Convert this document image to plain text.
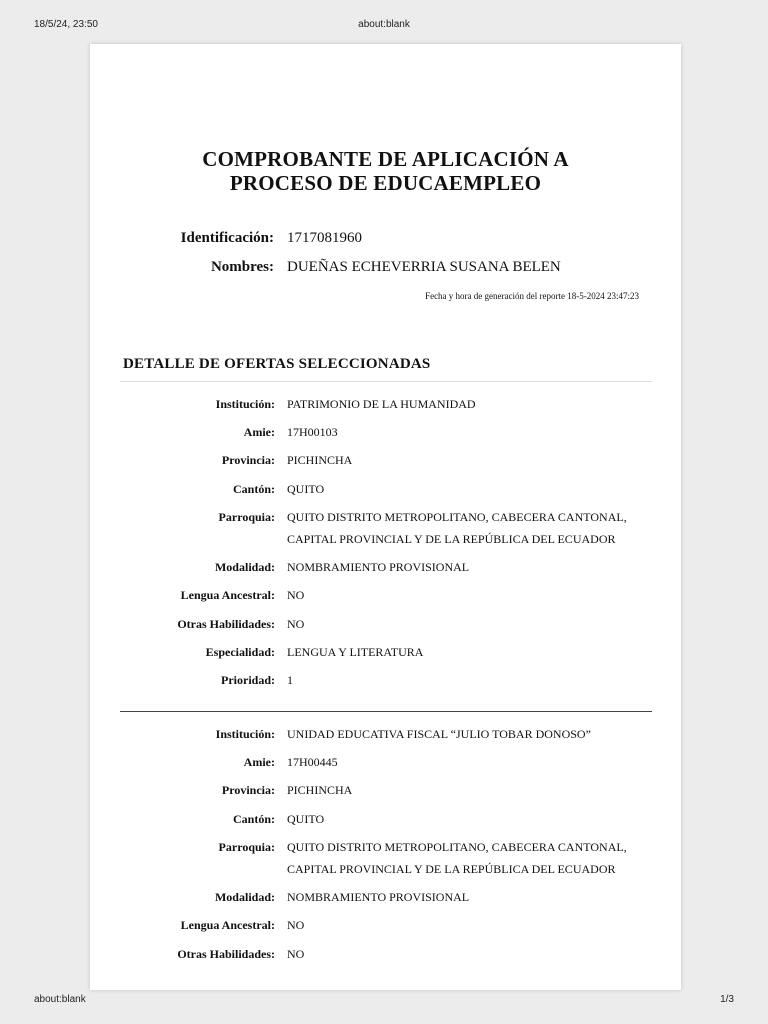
18/5/24, 23:50	about:blank
COMPROBANTE DE APLICACIÓN A
PROCESO DE EDUCAEMPLEO
Identificación: 1717081960
Nombres: DUEÑAS ECHEVERRIA SUSANA BELEN
Fecha y hora de generación del reporte 18-5-2024 23:47:23
DETALLE DE OFERTAS SELECCIONADAS
Institución: PATRIMONIO DE LA HUMANIDAD
Amie: 17H00103
Provincia: PICHINCHA
Cantón: QUITO
Parroquia: QUITO DISTRITO METROPOLITANO, CABECERA CANTONAL,
CAPITAL PROVINCIAL Y DE LA REPÚBLICA DEL ECUADOR
Modalidad: NOMBRAMIENTO PROVISIONAL
Lengua Ancestral: NO
Otras Habilidades: NO
Especialidad: LENGUA Y LITERATURA
Prioridad: 1
Institución: UNIDAD EDUCATIVA FISCAL “JULIO TOBAR DONOSO”
Amie: 17H00445
Provincia: PICHINCHA
Cantón: QUITO
Parroquia: QUITO DISTRITO METROPOLITANO, CABECERA CANTONAL,
CAPITAL PROVINCIAL Y DE LA REPÚBLICA DEL ECUADOR
Modalidad: NOMBRAMIENTO PROVISIONAL
Lengua Ancestral: NO
Otras Habilidades: NO
about:blank	1/3
